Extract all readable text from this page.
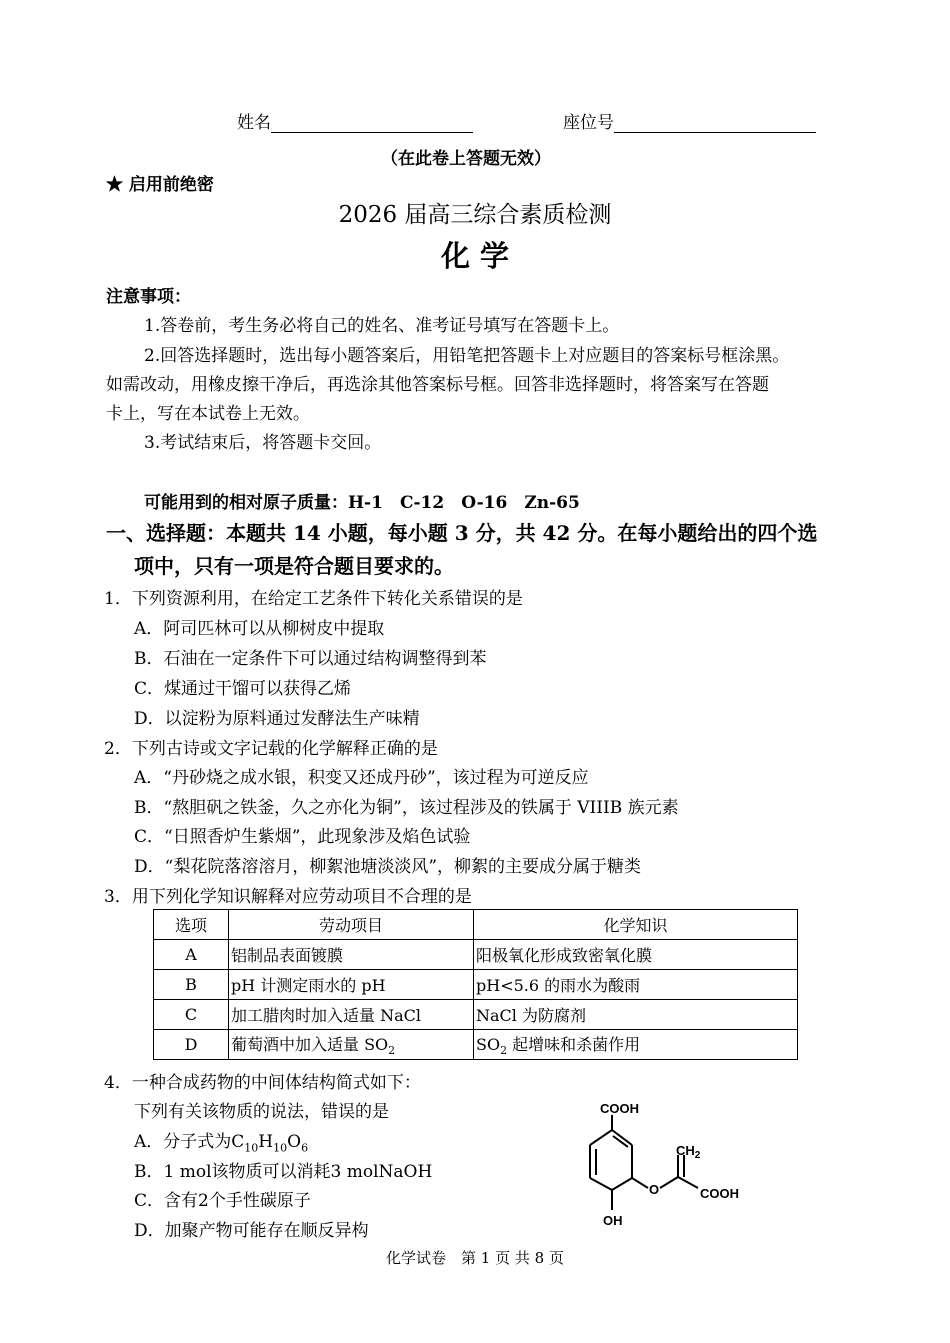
姓名	座位号
（在此卷上答题无效）
★ 启用前绝密
2026 届高三综合素质检测
化 学
注意事项：
1.答卷前，考生务必将自己的姓名、准考证号填写在答题卡上。
2.回答选择题时，选出每小题答案后，用铅笔把答题卡上对应题目的答案标号框涂黑。
如需改动，用橡皮擦干净后，再选涂其他答案标号框。回答非选择题时，将答案写在答题
卡上，写在本试卷上无效。
3.考试结束后，将答题卡交回。
可能用到的相对原子质量：H-1　C-12　O-16　Zn-65
一、选择题：本题共 14 小题，每小题 3 分，共 42 分。在每小题给出的四个选
项中，只有一项是符合题目要求的。
1．下列资源利用，在给定工艺条件下转化关系错误的是
A．阿司匹林可以从柳树皮中提取
B．石油在一定条件下可以通过结构调整得到苯
C．煤通过干馏可以获得乙烯
D．以淀粉为原料通过发酵法生产味精
2．下列古诗或文字记载的化学解释正确的是
A．“丹砂烧之成水银，积变又还成丹砂”，该过程为可逆反应
B．“熬胆矾之铁釜，久之亦化为铜”，该过程涉及的铁属于 VIIIB 族元素
C．“日照香炉生紫烟”，此现象涉及焰色试验
D．“梨花院落溶溶月，柳絮池塘淡淡风”，柳絮的主要成分属于糖类
3．用下列化学知识解释对应劳动项目不合理的是
选项	劳动项目	化学知识
A	铝制品表面镀膜	阳极氧化形成致密氧化膜
B	pH 计测定雨水的 pH	pH<5.6 的雨水为酸雨
C	加工腊肉时加入适量 NaCl	NaCl 为防腐剂
D	葡萄酒中加入适量 $SO_2$	$SO_2$ 起增味和杀菌作用
4．一种合成药物的中间体结构简式如下：
下列有关该物质的说法，错误的是
A．分子式为$C_{10}H_{10}O_6$
B．1 mol该物质可以消耗3 molNaOH
C．含有2个手性碳原子
D．加聚产物可能存在顺反异构
COOH
$CH_2$
COOH
O
OH
化学试卷　第 1 页 共 8 页
